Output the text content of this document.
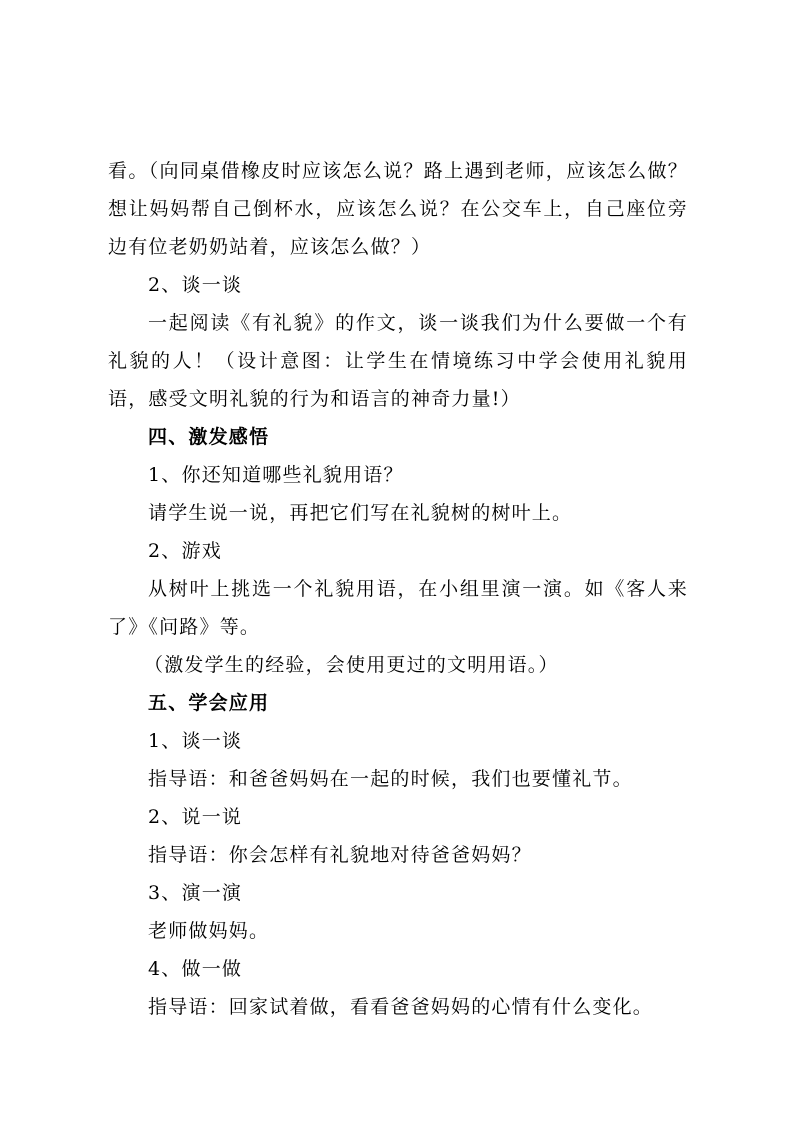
看。（向同桌借橡皮时应该怎么说？路上遇到老师，应该怎么做？想让妈妈帮自己倒杯水，应该怎么说？在公交车上，自己座位旁边有位老奶奶站着，应该怎么做？）

2、谈一谈

一起阅读《有礼貌》的作文，谈一谈我们为什么要做一个有礼貌的人！（设计意图：让学生在情境练习中学会使用礼貌用语，感受文明礼貌的行为和语言的神奇力量!）

四、激发感悟

1、你还知道哪些礼貌用语？

请学生说一说，再把它们写在礼貌树的树叶上。

2、游戏

从树叶上挑选一个礼貌用语，在小组里演一演。如《客人来了》《问路》等。

（激发学生的经验，会使用更过的文明用语。）

五、学会应用

1、谈一谈

指导语：和爸爸妈妈在一起的时候，我们也要懂礼节。

2、说一说

指导语：你会怎样有礼貌地对待爸爸妈妈？

3、演一演

老师做妈妈。

4、做一做

指导语：回家试着做，看看爸爸妈妈的心情有什么变化。
